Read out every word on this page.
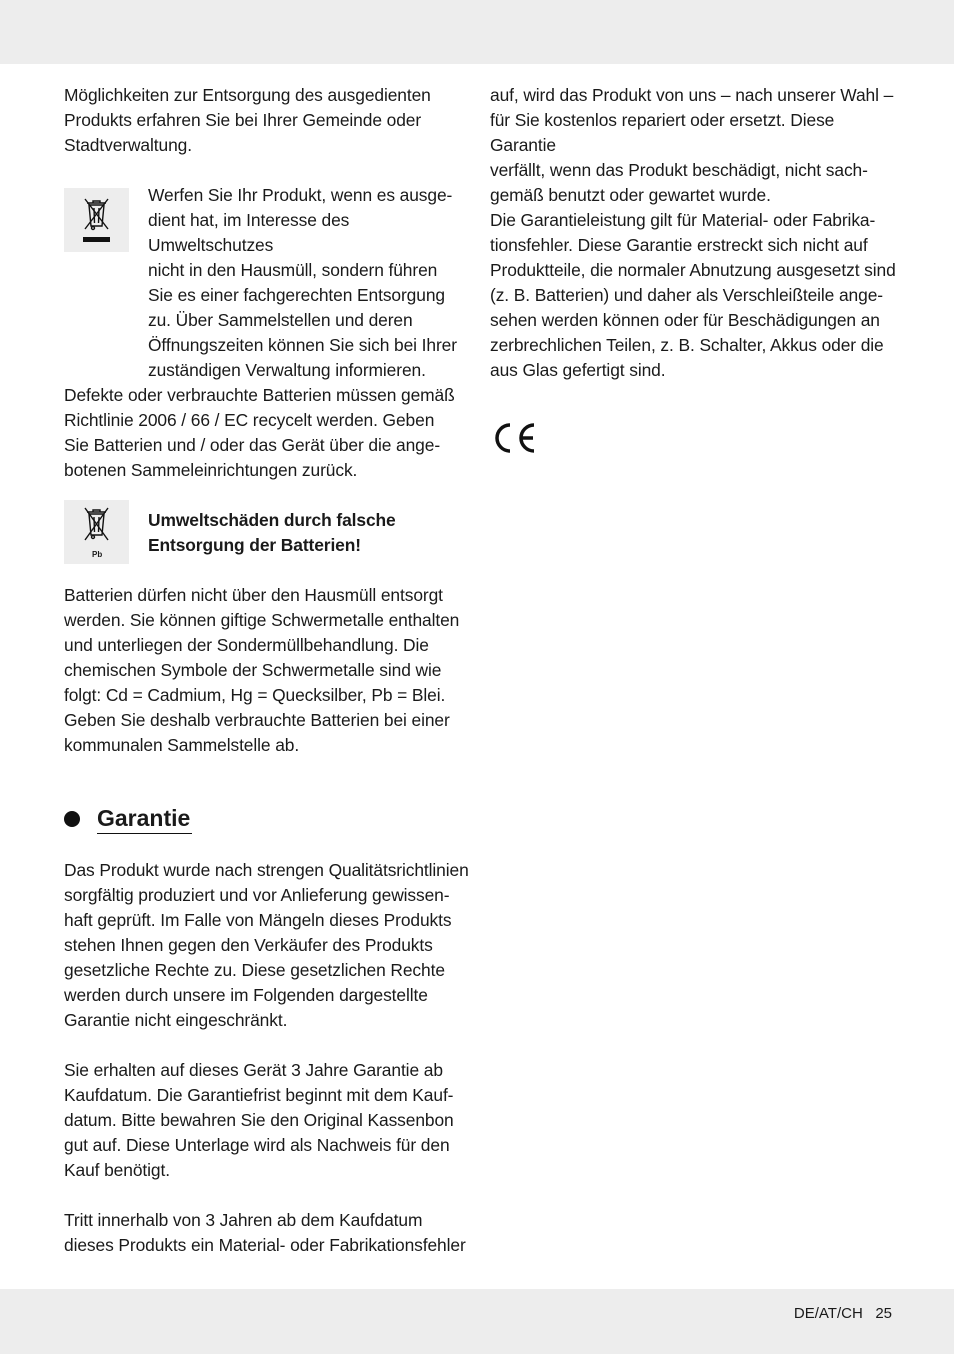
Möglichkeiten zur Entsorgung des ausgedienten
Produkts erfahren Sie bei Ihrer Gemeinde oder
Stadtverwaltung.

Werfen Sie Ihr Produkt, wenn es ausge-
dient hat, im Interesse des Umweltschutzes
nicht in den Hausmüll, sondern führen
Sie es einer fachgerechten Entsorgung
zu. Über Sammelstellen und deren
Öffnungszeiten können Sie sich bei Ihrer
zuständigen Verwaltung informieren.

Defekte oder verbrauchte Batterien müssen gemäß
Richtlinie 2006 / 66 / EC recycelt werden. Geben
Sie Batterien und / oder das Gerät über die ange-
botenen Sammeleinrichtungen zurück.

Pb

Umweltschäden durch falsche
Entsorgung der Batterien!

Batterien dürfen nicht über den Hausmüll entsorgt
werden. Sie können giftige Schwermetalle enthalten
und unterliegen der Sondermüllbehandlung. Die
chemischen Symbole der Schwermetalle sind wie
folgt: Cd = Cadmium, Hg = Quecksilber, Pb = Blei.
Geben Sie deshalb verbrauchte Batterien bei einer
kommunalen Sammelstelle ab.

Garantie

Das Produkt wurde nach strengen Qualitätsrichtlinien
sorgfältig produziert und vor Anlieferung gewissen-
haft geprüft. Im Falle von Mängeln dieses Produkts
stehen Ihnen gegen den Verkäufer des Produkts
gesetzliche Rechte zu. Diese gesetzlichen Rechte
werden durch unsere im Folgenden dargestellte
Garantie nicht eingeschränkt.

Sie erhalten auf dieses Gerät 3 Jahre Garantie ab
Kaufdatum. Die Garantiefrist beginnt mit dem Kauf-
datum. Bitte bewahren Sie den Original Kassenbon
gut auf. Diese Unterlage wird als Nachweis für den
Kauf benötigt.

Tritt innerhalb von 3 Jahren ab dem Kaufdatum
dieses Produkts ein Material- oder Fabrikationsfehler

auf, wird das Produkt von uns – nach unserer Wahl –
für Sie kostenlos repariert oder ersetzt. Diese Garantie
verfällt, wenn das Produkt beschädigt, nicht sach-
gemäß benutzt oder gewartet wurde.

Die Garantieleistung gilt für Material- oder Fabrika-
tionsfehler. Diese Garantie erstreckt sich nicht auf
Produktteile, die normaler Abnutzung ausgesetzt sind
(z. B. Batterien) und daher als Verschleißteile ange-
sehen werden können oder für Beschädigungen an
zerbrechlichen Teilen, z. B. Schalter, Akkus oder die
aus Glas gefertigt sind.

DE/AT/CH 25
